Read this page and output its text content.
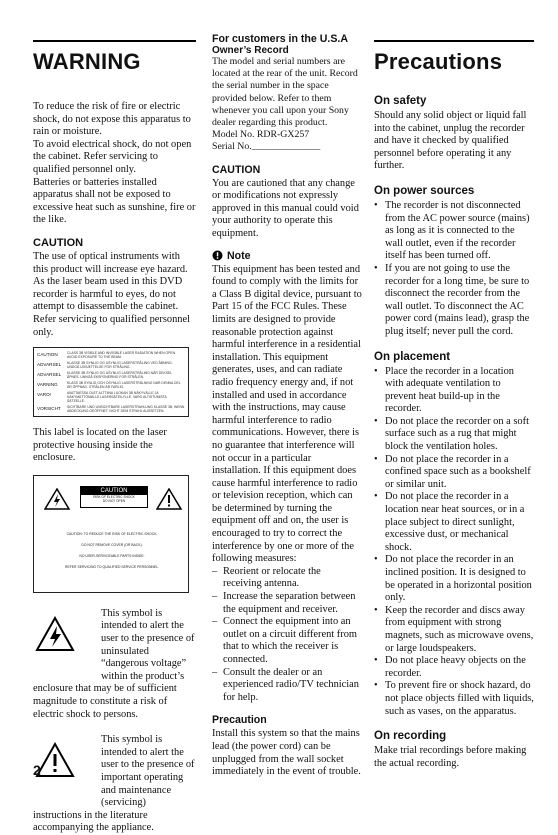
WARNING

To reduce the risk of fire or electric shock, do not expose this apparatus to rain or moisture.

To avoid electrical shock, do not open the cabinet. Refer servicing to qualified personnel only.

Batteries or batteries installed apparatus shall not be exposed to excessive heat such as sunshine, fire or the like.

CAUTION

The use of optical instruments with this product will increase eye hazard. As the laser beam used in this DVD recorder is harmful to eyes, do not attempt to disassemble the cabinet. Refer servicing to qualified personnel only.

CAUTION	CLASS 3B VISIBLE AND INVISIBLE LASER RADIATION WHEN OPEN. AVOID EXPOSURE TO THE BEAM.
ADVARSEL	KLASSE 3B SYNLIG OG USYNLIG LASERSTRÅLING VED ÅBNING. UNDGÅ UDSÆTTELSE FOR STRÅLING.
ADVARSEL	KLASSE 3B SYNLIG OG USYNLIG LASERSTRÅLING NÅR DEKSEL ÅPNES. UNNGÅ EKSPONERING FOR STRÅLEN.
VARNING	KLASS 3B SYNLIG OCH OSYNLIG LASERSTRÅLNING NÄR DENNA DEL ÄR ÖPPNAD. STRÅLEN ÄR FARLIG.
VARO!	AVATTAESSA OLET ALTTIINA LUOKAN 3B NÄKYVÄLLE JA NÄKYMÄTTÖMÄLLE LASERSÄTEILYLLE. VARO ALTISTUMISTA SÄTEELLE.
VORSICHT	SICHTBARE UND UNSICHTBARE LASERSTRAHLUNG KLASSE 3B, WENN ABDECKUNG GEÖFFNET. NICHT DEM STRAHL AUSSETZEN.

This label is located on the laser protective housing inside the enclosure.

CAUTION
RISK OF ELECTRIC SHOCK
DO NOT OPEN
CAUTION: TO REDUCE THE RISK OF ELECTRIC SHOCK,
DO NOT REMOVE COVER (OR BACK).
NO USER-SERVICEABLE PARTS INSIDE.
REFER SERVICING TO QUALIFIED SERVICE PERSONNEL.

This symbol is intended to alert the user to the presence of uninsulated “dangerous voltage” within the product’s

enclosure that may be of sufficient magnitude to constitute a risk of electric shock to persons.

This symbol is intended to alert the user to the presence of important operating and maintenance (servicing)

instructions in the literature accompanying the appliance.

For customers in the U.S.A
Owner’s Record

The model and serial numbers are located at the rear of the unit. Record the serial number in the space provided below. Refer to them whenever you call upon your Sony dealer regarding this product.

Model No. RDR-GX257

Serial No.______________

CAUTION

You are cautioned that any change or modifications not expressly approved in this manual could void your authority to operate this equipment.

Note

This equipment has been tested and found to comply with the limits for a Class B digital device, pursuant to Part 15 of the FCC Rules. These limits are designed to provide reasonable protection against harmful interference in a residential installation. This equipment generates, uses, and can radiate radio frequency energy and, if not installed and used in accordance with the instructions, may cause harmful interference to radio communications. However, there is no guarantee that interference will not occur in a particular installation. If this equipment does cause harmful interference to radio or television reception, which can be determined by turning the equipment off and on, the user is encouraged to try to correct the interference by one or more of the following measures:

– Reorient or relocate the receiving antenna.
– Increase the separation between the equipment and receiver.
– Connect the equipment into an outlet on a circuit different from that to which the receiver is connected.
– Consult the dealer or an experienced radio/TV technician for help.
Precaution

Install this system so that the mains lead (the power cord) can be unplugged from the wall socket immediately in the event of trouble.

Precautions
On safety

Should any solid object or liquid fall into the cabinet, unplug the recorder and have it checked by qualified personnel before operating it any further.

On power sources
• The recorder is not disconnected from the AC power source (mains) as long as it is connected to the wall outlet, even if the recorder itself has been turned off.
• If you are not going to use the recorder for a long time, be sure to disconnect the recorder from the wall outlet. To disconnect the AC power cord (mains lead), grasp the plug itself; never pull the cord.
On placement
• Place the recorder in a location with adequate ventilation to prevent heat build-up in the recorder.
• Do not place the recorder on a soft surface such as a rug that might block the ventilation holes.
• Do not place the recorder in a confined space such as a bookshelf or similar unit.
• Do not place the recorder in a location near heat sources, or in a place subject to direct sunlight, excessive dust, or mechanical shock.
• Do not place the recorder in an inclined position. It is designed to be operated in a horizontal position only.
• Keep the recorder and discs away from equipment with strong magnets, such as microwave ovens, or large loudspeakers.
• Do not place heavy objects on the recorder.
• To prevent fire or shock hazard, do not place objects filled with liquids, such as vases, on the apparatus.
On recording

Make trial recordings before making the actual recording.

2
